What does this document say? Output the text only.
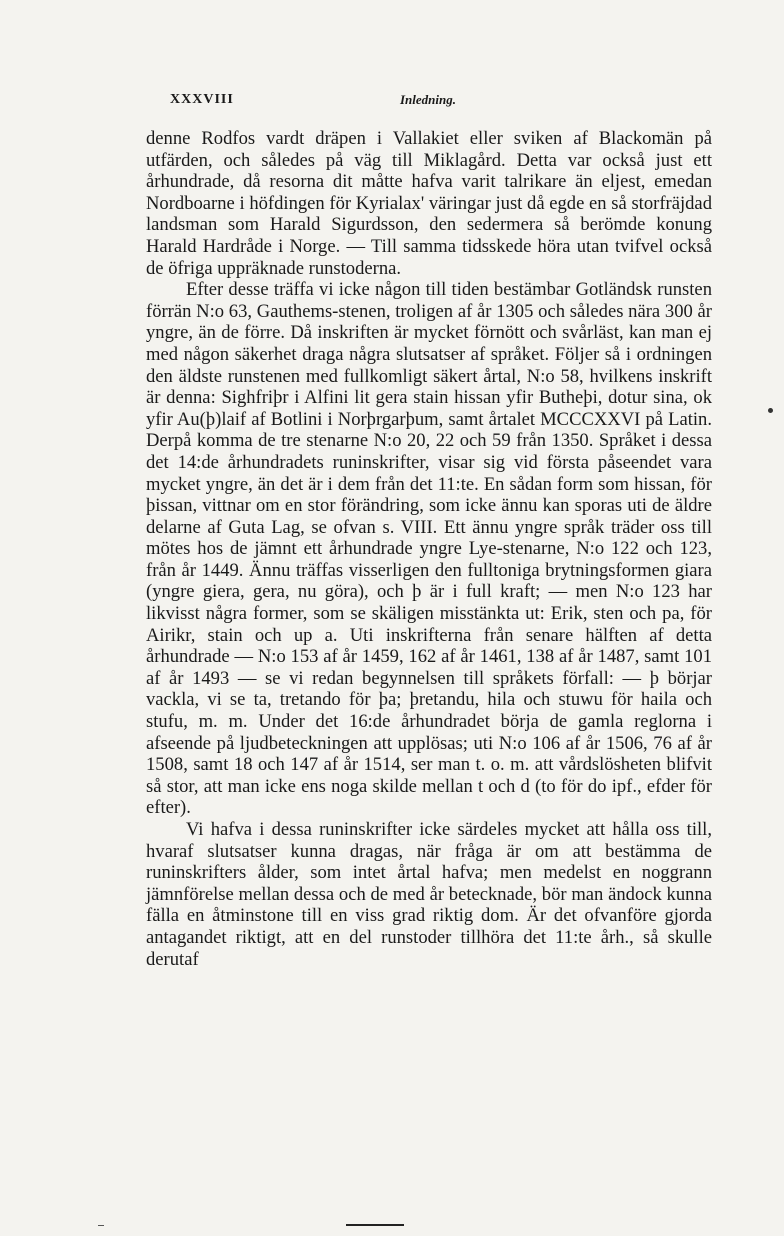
XXXVIII	Inledning.

denne Rodfos vardt dräpen i Vallakiet eller sviken af Blackomän på utfärden, och således på väg till Miklagård. Detta var också just ett århundrade, då resorna dit måtte hafva varit talrikare än eljest, emedan Nordboarne i höfdingen för Kyrialax' väringar just då egde en så storfräjdad landsman som Harald Sigurdsson, den sedermera så berömde konung Harald Hardråde i Norge. — Till samma tidsskede höra utan tvifvel också de öfriga uppräknade runstoderna.

Efter desse träffa vi icke någon till tiden bestämbar Gotländsk runsten förrän N:o 63, Gauthems-stenen, troligen af år 1305 och således nära 300 år yngre, än de förre. Då inskriften är mycket förnött och svårläst, kan man ej med någon säkerhet draga några slutsatser af språket. Följer så i ordningen den äldste runstenen med fullkomligt säkert årtal, N:o 58, hvilkens inskrift är denna: Sighfriþr i Alfini lit gera stain hissan yfir Butheþi, dotur sina, ok yfir Au(þ)laif af Botlini i Norþrgarþum, samt årtalet MCCCXXVI på Latin. Derpå komma de tre stenarne N:o 20, 22 och 59 från 1350. Språket i dessa det 14:de århundradets runinskrifter, visar sig vid första påseendet vara mycket yngre, än det är i dem från det 11:te. En sådan form som hissan, för þissan, vittnar om en stor förändring, som icke ännu kan sporas uti de äldre delarne af Guta Lag, se ofvan s. VIII. Ett ännu yngre språk träder oss till mötes hos de jämnt ett århundrade yngre Lye-stenarne, N:o 122 och 123, från år 1449. Ännu träffas visserligen den fulltoniga brytningsformen giara (yngre giera, gera, nu göra), och þ är i full kraft; — men N:o 123 har likvisst några former, som se skäligen misstänkta ut: Erik, sten och pa, för Airikr, stain och up a. Uti inskrifterna från senare hälften af detta århundrade — N:o 153 af år 1459, 162 af år 1461, 138 af år 1487, samt 101 af år 1493 — se vi redan begynnelsen till språkets förfall: — þ börjar vackla, vi se ta, tretando för þa; þretandu, hila och stuwu för haila och stufu, m. m. Under det 16:de århundradet börja de gamla reglorna i afseende på ljudbeteckningen att upplösas; uti N:o 106 af år 1506, 76 af år 1508, samt 18 och 147 af år 1514, ser man t. o. m. att vårdslösheten blifvit så stor, att man icke ens noga skilde mellan t och d (to för do ipf., efder för efter).

Vi hafva i dessa runinskrifter icke särdeles mycket att hålla oss till, hvaraf slutsatser kunna dragas, när fråga är om att bestämma de runinskrifters ålder, som intet årtal hafva; men medelst en noggrann jämnförelse mellan dessa och de med år betecknade, bör man ändock kunna fälla en åtminstone till en viss grad riktig dom. Är det ofvanföre gjorda antagandet riktigt, att en del runstoder tillhöra det 11:te årh., så skulle derutaf
